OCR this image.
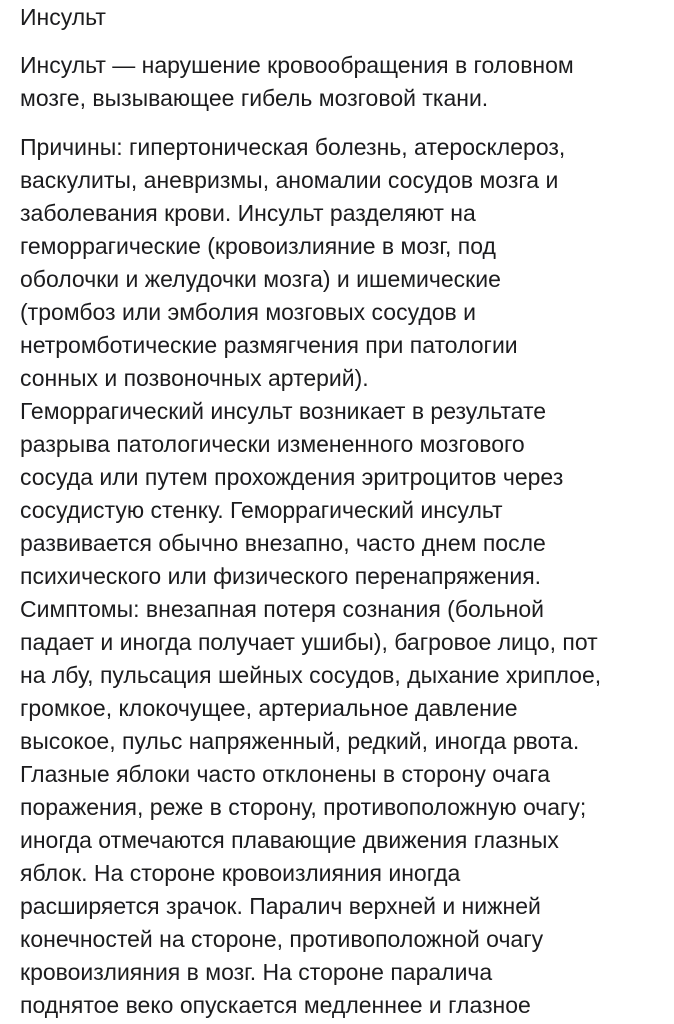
Инсульт
Инсульт — нарушение кровообращения в головном
мозге, вызывающее гибель мозговой ткани.
Причины: гипертоническая болезнь, атеросклероз,
васкулиты, аневризмы, аномалии сосудов мозга и
заболевания крови. Инсульт разделяют на
геморрагические (кровоизлияние в мозг, под
оболочки и желудочки мозга) и ишемические
(тромбоз или эмболия мозговых сосудов и
нетромботические размягчения при патологии
сонных и позвоночных артерий).
Геморрагический инсульт возникает в результате
разрыва патологически измененного мозгового
сосуда или путем прохождения эритроцитов через
сосудистую стенку. Геморрагический инсульт
развивается обычно внезапно, часто днем после
психического или физического перенапряжения.
Симптомы: внезапная потеря сознания (больной
падает и иногда получает ушибы), багровое лицо, пот
на лбу, пульсация шейных сосудов, дыхание хриплое,
громкое, клокочущее, артериальное давление
высокое, пульс напряженный, редкий, иногда рвота.
Глазные яблоки часто отклонены в сторону очага
поражения, реже в сторону, противоположную очагу;
иногда отмечаются плавающие движения глазных
яблок. На стороне кровоизлияния иногда
расширяется зрачок. Паралич верхней и нижней
конечностей на стороне, противоположной очагу
кровоизлияния в мозг. На стороне паралича
поднятое веко опускается медленнее и глазное
